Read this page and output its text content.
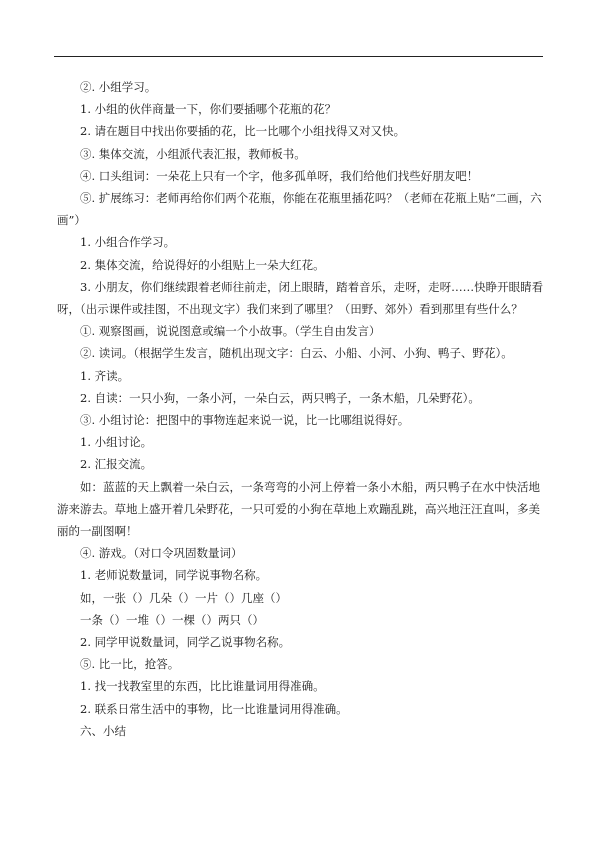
②. 小组学习。
1. 小组的伙伴商量一下，你们要插哪个花瓶的花？
2. 请在题目中找出你要插的花，比一比哪个小组找得又对又快。
③. 集体交流，小组派代表汇报，教师板书。
④. 口头组词：一朵花上只有一个字，他多孤单呀，我们给他们找些好朋友吧！
⑤. 扩展练习：老师再给你们两个花瓶，你能在花瓶里插花吗？（老师在花瓶上贴“二画，六画”）
1. 小组合作学习。
2. 集体交流，给说得好的小组贴上一朵大红花。
3. 小朋友，你们继续跟着老师往前走，闭上眼睛，踏着音乐，走呀，走呀……快睁开眼睛看呀，（出示课件或挂图，不出现文字）我们来到了哪里？（田野、郊外）看到那里有些什么？
①. 观察图画，说说图意或编一个小故事。（学生自由发言）
②. 读词。（根据学生发言，随机出现文字：白云、小船、小河、小狗、鸭子、野花）。
1. 齐读。
2. 自读：一只小狗，一条小河，一朵白云，两只鸭子，一条木船，几朵野花）。
③. 小组讨论：把图中的事物连起来说一说，比一比哪组说得好。
1. 小组讨论。
2. 汇报交流。
如：蓝蓝的天上飘着一朵白云，一条弯弯的小河上停着一条小木船，两只鸭子在水中快活地游来游去。草地上盛开着几朵野花，一只可爱的小狗在草地上欢蹦乱跳，高兴地汪汪直叫，多美丽的一副图啊！
④. 游戏。（对口令巩固数量词）
1. 老师说数量词，同学说事物名称。
如，一张（）几朵（）一片（）几座（）
一条（）一堆（）一棵（）两只（）
2. 同学甲说数量词，同学乙说事物名称。
⑤. 比一比，抢答。
1. 找一找教室里的东西，比比谁量词用得准确。
2. 联系日常生活中的事物，比一比谁量词用得准确。
六、小结
